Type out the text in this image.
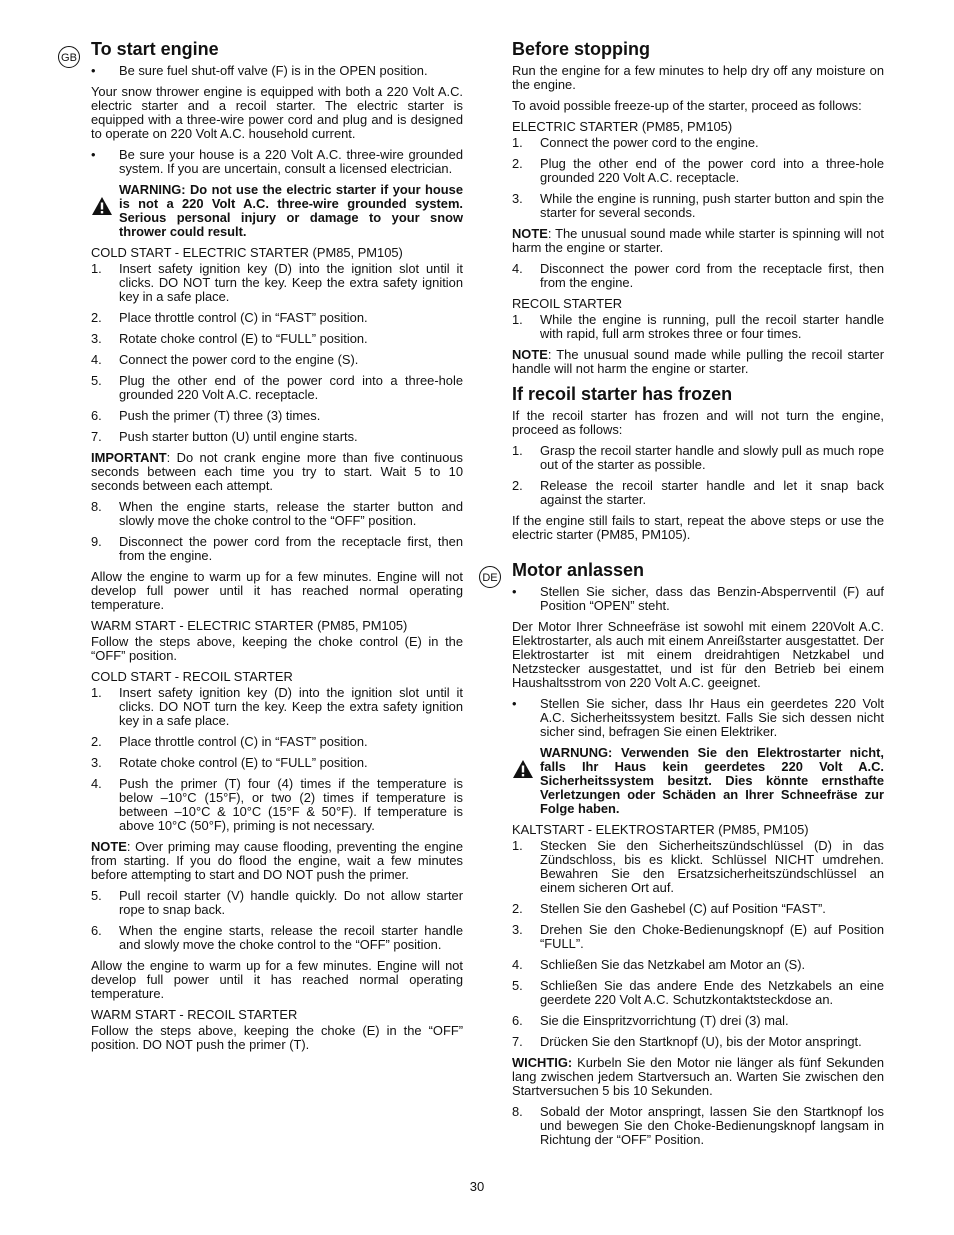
GB
DE
To start engine
• Be sure fuel shut-off valve (F) is in the OPEN position.

Your snow thrower engine is equipped with both a 220 Volt A.C. electric starter and a recoil starter. The electric starter is equipped with a three-wire power cord and plug and is designed to operate on 220 Volt A.C. household current.

• Be sure your house is a 220 Volt A.C. three-wire grounded system. If you are uncertain, consult a licensed electrician.
WARNING: Do not use the electric starter if your house is not a 220 Volt A.C. three-wire grounded system. Serious personal injury or damage to your snow thrower could result.
COLD START - ELECTRIC STARTER (PM85, PM105)
1. Insert safety ignition key (D) into the ignition slot until it clicks. DO NOT turn the key. Keep the extra safety ignition key in a safe place.
2. Place throttle control (C) in “FAST” position.
3. Rotate choke control (E) to “FULL” position.
4. Connect the power cord to the engine (S).
5. Plug the other end of the power cord into a three-hole grounded 220 Volt A.C. receptacle.
6. Push the primer (T) three (3) times.
7. Push starter button (U) until engine starts.

IMPORTANT: Do not crank engine more than five continuous seconds between each time you try to start. Wait 5 to 10 seconds between each attempt.

8. When the engine starts, release the starter button and slowly move the choke control to the “OFF” position.
9. Disconnect the power cord from the receptacle first, then from the engine.

Allow the engine to warm up for a few minutes. Engine will not develop full power until it has reached normal operating temperature.

WARM START - ELECTRIC STARTER (PM85, PM105)

Follow the steps above, keeping the choke control (E) in the “OFF” position.

COLD START - RECOIL STARTER
1. Insert safety ignition key (D) into the ignition slot until it clicks. DO NOT turn the key. Keep the extra safety ignition key in a safe place.
2. Place throttle control (C) in “FAST” position.
3. Rotate choke control (E) to “FULL” position.
4. Push the primer (T) four (4) times if the temperature is below –10°C (15°F), or two (2) times if temperature is between –10°C & 10°C (15°F & 50°F). If temperature is above 10°C (50°F), priming is not necessary.

NOTE: Over priming may cause flooding, preventing the engine from starting. If you do flood the engine, wait a few minutes before attempting to start and DO NOT push the primer.

5. Pull recoil starter (V) handle quickly. Do not allow starter rope to snap back.
6. When the engine starts, release the recoil starter handle and slowly move the choke control to the “OFF” position.

Allow the engine to warm up for a few minutes. Engine will not develop full power until it has reached normal operating temperature.

WARM START - RECOIL STARTER

Follow the steps above, keeping the choke (E) in the “OFF” position. DO NOT push the primer (T).

Before stopping

Run the engine for a few minutes to help dry off any moisture on the engine.

To avoid possible freeze-up of the starter, proceed as follows:

ELECTRIC STARTER (PM85, PM105)
1. Connect the power cord to the engine.
2. Plug the other end of the power cord into a three-hole grounded 220 Volt A.C. receptacle.
3. While the engine is running, push starter button and spin the starter for several seconds.

NOTE: The unusual sound made while starter is spinning will not harm the engine or starter.

4. Disconnect the power cord from the receptacle first, then from the engine.
RECOIL STARTER
1. While the engine is running, pull the recoil starter handle with rapid, full arm strokes three or four times.

NOTE: The unusual sound made while pulling the recoil starter handle will not harm the engine or starter.

If recoil starter has frozen

If the recoil starter has frozen and will not turn the engine, proceed as follows:

1. Grasp the recoil starter handle and slowly pull as much rope out of the starter as possible.
2. Release the recoil starter handle and let it snap back against the starter.

If the engine still fails to start, repeat the above steps or use the electric starter (PM85, PM105).

Motor anlassen
• Stellen Sie sicher, dass das Benzin-Absperrventil (F) auf Position “OPEN” steht.

Der Motor Ihrer Schneefräse ist sowohl mit einem 220Volt A.C. Elektrostarter, als auch mit einem Anreißstarter ausgestattet. Der Elektrostarter ist mit einem dreidrahtigen Netzkabel und Netzstecker ausgestattet, und ist für den Betrieb bei einem Haushaltsstrom von 220 Volt A.C. geeignet.

• Stellen Sie sicher, dass Ihr Haus ein geerdetes 220 Volt A.C. Sicherheitssystem besitzt. Falls Sie sich dessen nicht sicher sind, befragen Sie einen Elektriker.
WARNUNG: Verwenden Sie den Elektrostarter nicht, falls Ihr Haus kein geerdetes 220 Volt A.C. Sicherheitssystem besitzt. Dies könnte ernsthafte Verletzungen oder Schäden an Ihrer Schneefräse zur Folge haben.
KALTSTART - ELEKTROSTARTER (PM85, PM105)
1. Stecken Sie den Sicherheitszündschlüssel (D) in das Zündschloss, bis es klickt. Schlüssel NICHT umdrehen. Bewahren Sie den Ersatzsicherheitszündschlüssel an einem sicheren Ort auf.
2. Stellen Sie den Gashebel (C) auf Position “FAST”.
3. Drehen Sie den Choke-Bedienungsknopf (E) auf Position “FULL”.
4. Schließen Sie das Netzkabel am Motor an (S).
5. Schließen Sie das andere Ende des Netzkabels an eine geerdete 220 Volt A.C. Schutzkontaktsteckdose an.
6. Sie die Einspritzvorrichtung (T) drei (3) mal.
7. Drücken Sie den Startknopf (U), bis der Motor anspringt.

WICHTIG: Kurbeln Sie den Motor nie länger als fünf Sekunden lang zwischen jedem Startversuch an. Warten Sie zwischen den Startversuchen 5 bis 10 Sekunden.

8. Sobald der Motor anspringt, lassen Sie den Startknopf los und bewegen Sie den Choke-Bedienungsknopf langsam in Richtung der “OFF” Position.
30
